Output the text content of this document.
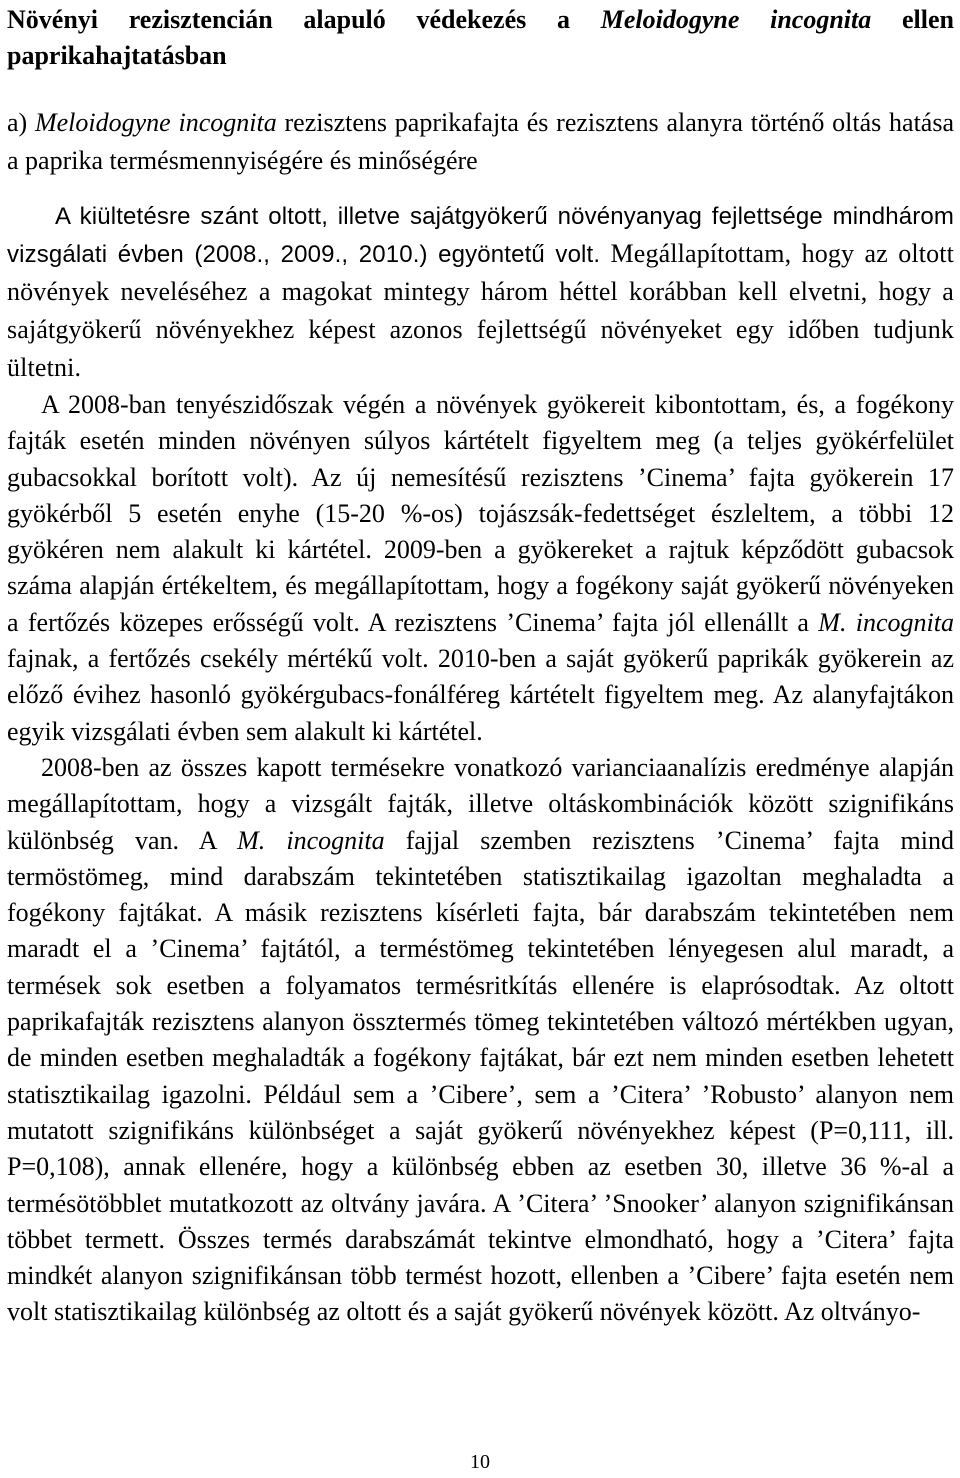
Növényi rezisztencián alapuló védekezés a Meloidogyne incognita ellen paprikahajtatásban

a) Meloidogyne incognita rezisztens paprikafajta és rezisztens alanyra történő oltás hatása a paprika termésmennyiségére és minőségére

A kiültetésre szánt oltott, illetve sajátgyökerű növényanyag fejlettsége mindhárom vizsgálati évben (2008., 2009., 2010.) egyöntetű volt. Megállapítottam, hogy az oltott növények neveléséhez a magokat mintegy három héttel korábban kell elvetni, hogy a sajátgyökerű növényekhez képest azonos fejlettségű növényeket egy időben tudjunk ültetni.

A 2008-ban tenyészidőszak végén a növények gyökereit kibontottam, és, a fogékony fajták esetén minden növényen súlyos kártételt figyeltem meg (a teljes gyökérfelület gubacsokkal borított volt). Az új nemesítésű rezisztens ’Cinema’ fajta gyökerein 17 gyökérből 5 esetén enyhe (15-20 %-os) tojászsák-fedettséget észleltem, a többi 12 gyökéren nem alakult ki kártétel. 2009-ben a gyökereket a rajtuk képződött gubacsok száma alapján értékeltem, és megállapítottam, hogy a fogékony saját gyökerű növényeken a fertőzés közepes erősségű volt. A rezisztens ’Cinema’ fajta jól ellenállt a M. incognita fajnak, a fertőzés csekély mértékű volt. 2010-ben a saját gyökerű paprikák gyökerein az előző évihez hasonló gyökérgubacs-fonálféreg kártételt figyeltem meg. Az alanyfajtákon egyik vizsgálati évben sem alakult ki kártétel.

2008-ben az összes kapott termésekre vonatkozó varianciaanalízis eredménye alapján megállapítottam, hogy a vizsgált fajták, illetve oltáskombinációk között szignifikáns különbség van. A M. incognita fajjal szemben rezisztens ’Cinema’ fajta mind termöstömeg, mind darabszám tekintetében statisztikailag igazoltan meghaladta a fogékony fajtákat. A másik rezisztens kísérleti fajta, bár darabszám tekintetében nem maradt el a ’Cinema’ fajtától, a terméstömeg tekintetében lényegesen alul maradt, a termések sok esetben a folyamatos termésritkítás ellenére is elaprósodtak. Az oltott paprikafajták rezisztens alanyon össztermés tömeg tekintetében változó mértékben ugyan, de minden esetben meghaladták a fogékony fajtákat, bár ezt nem minden esetben lehetett statisztikailag igazolni. Például sem a ’Cibere’, sem a ’Citera’ ’Robusto’ alanyon nem mutatott szignifikáns különbséget a saját gyökerű növényekhez képest (P=0,111, ill. P=0,108), annak ellenére, hogy a különbség ebben az esetben 30, illetve 36 %-al a termésötöbblet mutatkozott az oltvány javára. A ’Citera’ ’Snooker’ alanyon szignifikánsan többet termett. Összes termés darabszámát tekintve elmondható, hogy a ’Citera’ fajta mindkét alanyon szignifikánsan több termést hozott, ellenben a ’Cibere’ fajta esetén nem volt statisztikailag különbség az oltott és a saját gyökerű növények között. Az oltványo-

10
